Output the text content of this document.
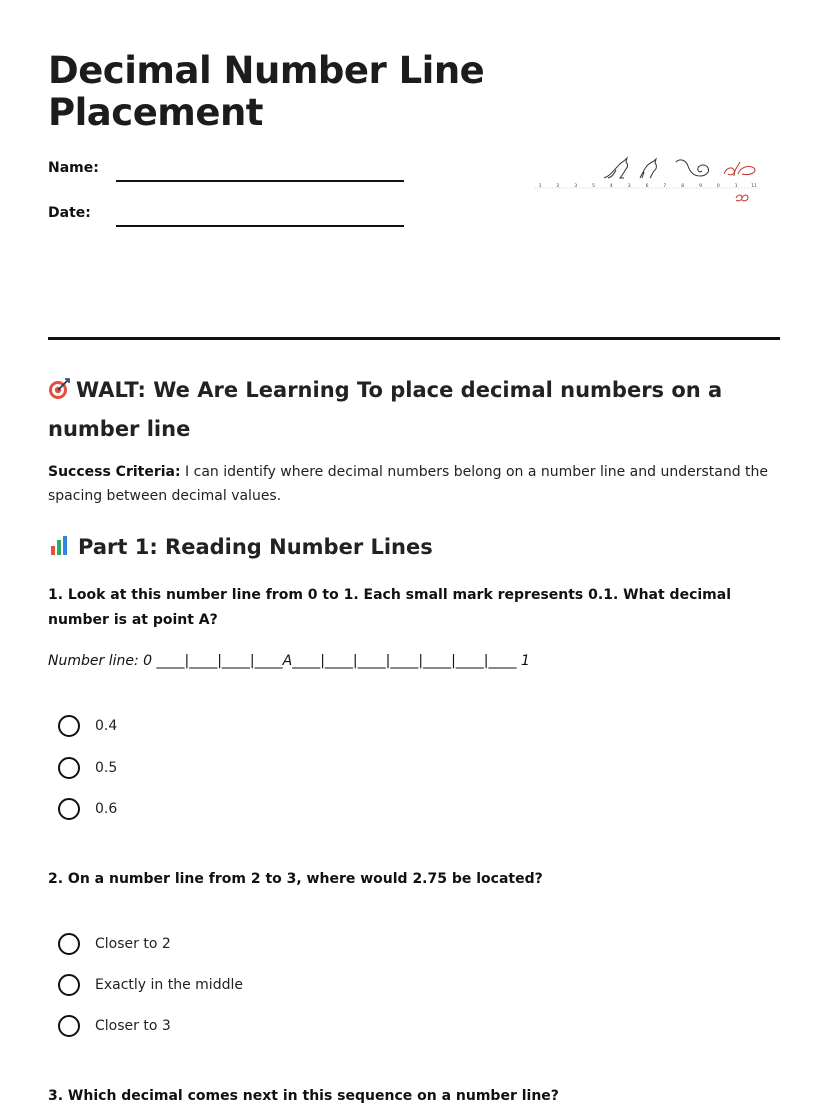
Decimal Number Line Placement
Name:
Date:
1	2	3	5	4	3	6	7	8	9	0	1	11
WALT: We Are Learning To place decimal numbers on a number line

Success Criteria: I can identify where decimal numbers belong on a number line and understand the spacing between decimal values.

Part 1: Reading Number Lines

1. Look at this number line from 0 to 1. Each small mark represents 0.1. What decimal number is at point A?

Number line: 0 ____|____|____|____A____|____|____|____|____|____|____ 1

0.4
0.5
0.6

2. On a number line from 2 to 3, where would 2.75 be located?

Closer to 2
Exactly in the middle
Closer to 3

3. Which decimal comes next in this sequence on a number line?
